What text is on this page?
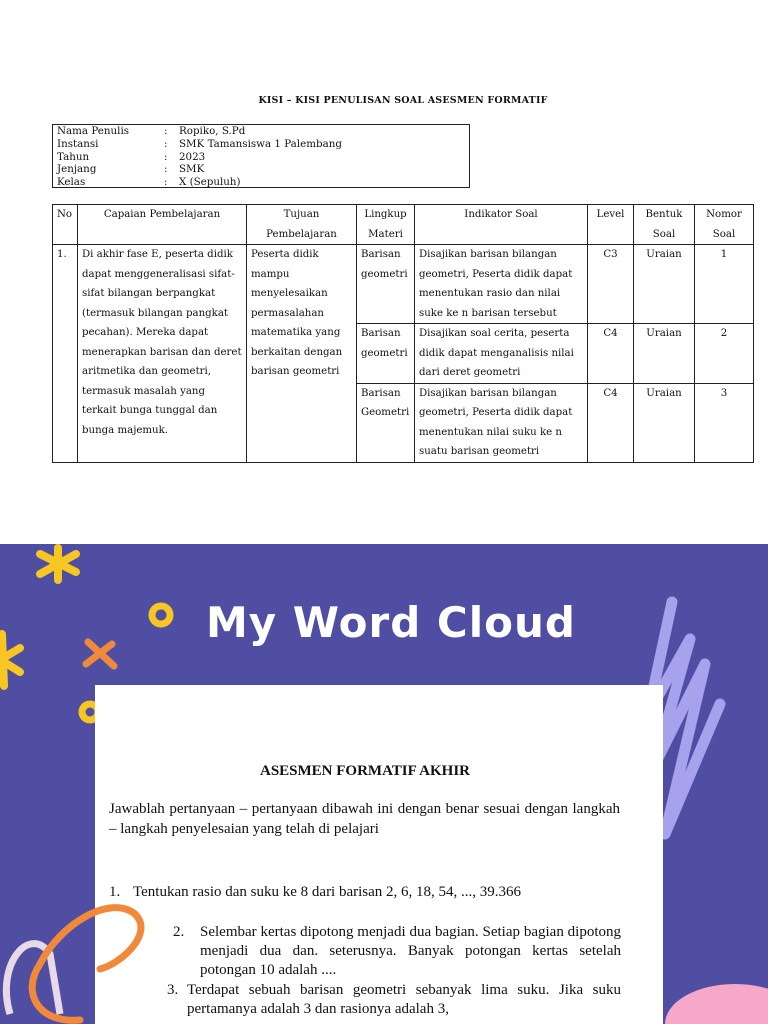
KISI – KISI PENULISAN SOAL ASESMEN FORMATIF
Nama Penulis	:	Ropiko, S.Pd
Instansi	:	SMK Tamansiswa 1 Palembang
Tahun	:	2023
Jenjang	:	SMK
Kelas	:	X (Sepuluh)
No	Capaian Pembelajaran	Tujuan Pembelajaran	Lingkup Materi	Indikator Soal	Level	Bentuk Soal	Nomor Soal
1.	Di akhir fase E, peserta didik dapat menggeneralisasi sifat-sifat bilangan berpangkat (termasuk bilangan pangkat pecahan). Mereka dapat menerapkan barisan dan deret aritmetika dan geometri, termasuk masalah yang terkait bunga tunggal dan bunga majemuk.	Peserta didik mampu menyelesaikan permasalahan matematika yang berkaitan dengan barisan geometri	Barisan geometri	Disajikan barisan bilangan geometri, Peserta didik dapat menentukan rasio dan nilai suke ke n barisan tersebut	C3	Uraian	1
			Barisan geometri	Disajikan soal cerita, peserta didik dapat menganalisis nilai dari deret geometri	C4	Uraian	2
			Barisan Geometri	Disajikan barisan bilangan geometri, Peserta didik dapat menentukan nilai suku ke n suatu barisan geometri	C4	Uraian	3
My Word Cloud
ASESMEN FORMATIF AKHIR
Jawablah pertanyaan – pertanyaan dibawah ini dengan benar sesuai dengan langkah – langkah penyelesaian yang telah di pelajari
1. Tentukan rasio dan suku ke 8 dari barisan 2, 6, 18, 54, ..., 39.366
2.	Selembar kertas dipotong menjadi dua bagian. Setiap bagian dipotong menjadi dua dan. seterusnya. Banyak potongan kertas setelah potongan 10 adalah ....
3. Terdapat sebuah barisan geometri sebanyak lima suku. Jika suku pertamanya adalah 3 dan rasionya adalah 3,
